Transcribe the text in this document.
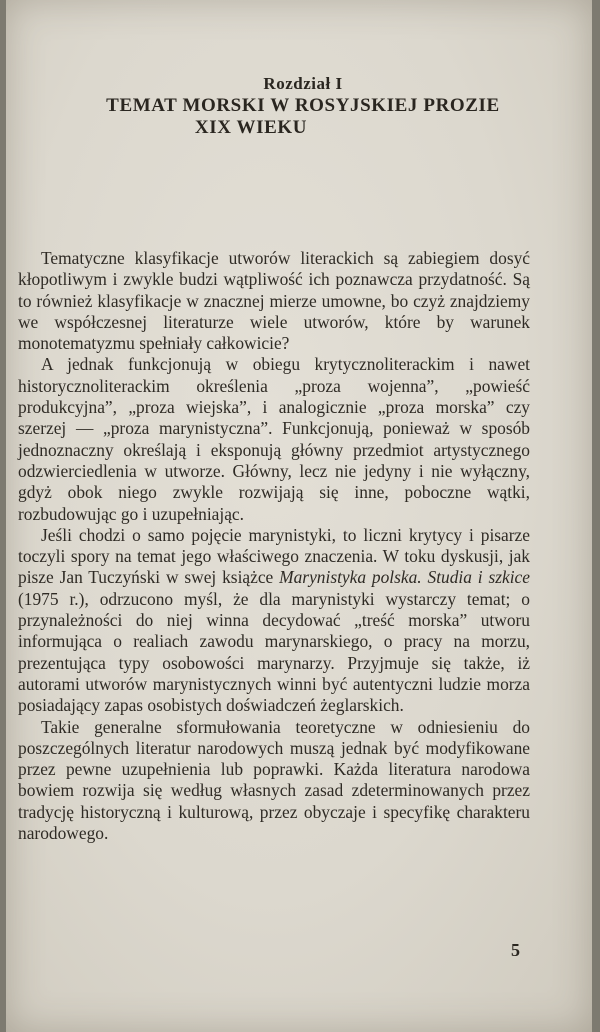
Rozdział I
TEMAT MORSKI W ROSYJSKIEJ PROZIE
XIX WIEKU

Tematyczne klasyfikacje utworów literackich są zabiegiem dosyć kłopotliwym i zwykle budzi wątpliwość ich poznawcza przydatność. Są to również klasyfikacje w znacznej mierze umowne, bo czyż znajdziemy we współczesnej literaturze wiele utworów, które by warunek monotematyzmu spełniały całkowicie?

A jednak funkcjonują w obiegu krytycznoliterackim i nawet historycznoliterackim określenia „proza wojenna”, „powieść produkcyjna”, „proza wiejska”, i analogicznie „proza morska” czy szerzej — „proza marynistyczna”. Funkcjonują, ponieważ w sposób jednoznaczny określają i eksponują główny przedmiot artystycznego odzwierciedlenia w utworze. Główny, lecz nie jedyny i nie wyłączny, gdyż obok niego zwykle rozwijają się inne, poboczne wątki, rozbudowując go i uzupełniając.

Jeśli chodzi o samo pojęcie marynistyki, to liczni krytycy i pisarze toczyli spory na temat jego właściwego znaczenia. W toku dyskusji, jak pisze Jan Tuczyński w swej książce Marynistyka polska. Studia i szkice (1975 r.), odrzucono myśl, że dla marynistyki wystarczy temat; o przynależności do niej winna decydować „treść morska” utworu informująca o realiach zawodu marynarskiego, o pracy na morzu, prezentująca typy osobowości marynarzy. Przyjmuje się także, iż autorami utworów marynistycznych winni być autentyczni ludzie morza posiadający zapas osobistych doświadczeń żeglarskich.

Takie generalne sformułowania teoretyczne w odniesieniu do poszczególnych literatur narodowych muszą jednak być modyfikowane przez pewne uzupełnienia lub poprawki. Każda literatura narodowa bowiem rozwija się według własnych zasad zdeterminowanych przez tradycję historyczną i kulturową, przez obyczaje i specyfikę charakteru narodowego.

5
